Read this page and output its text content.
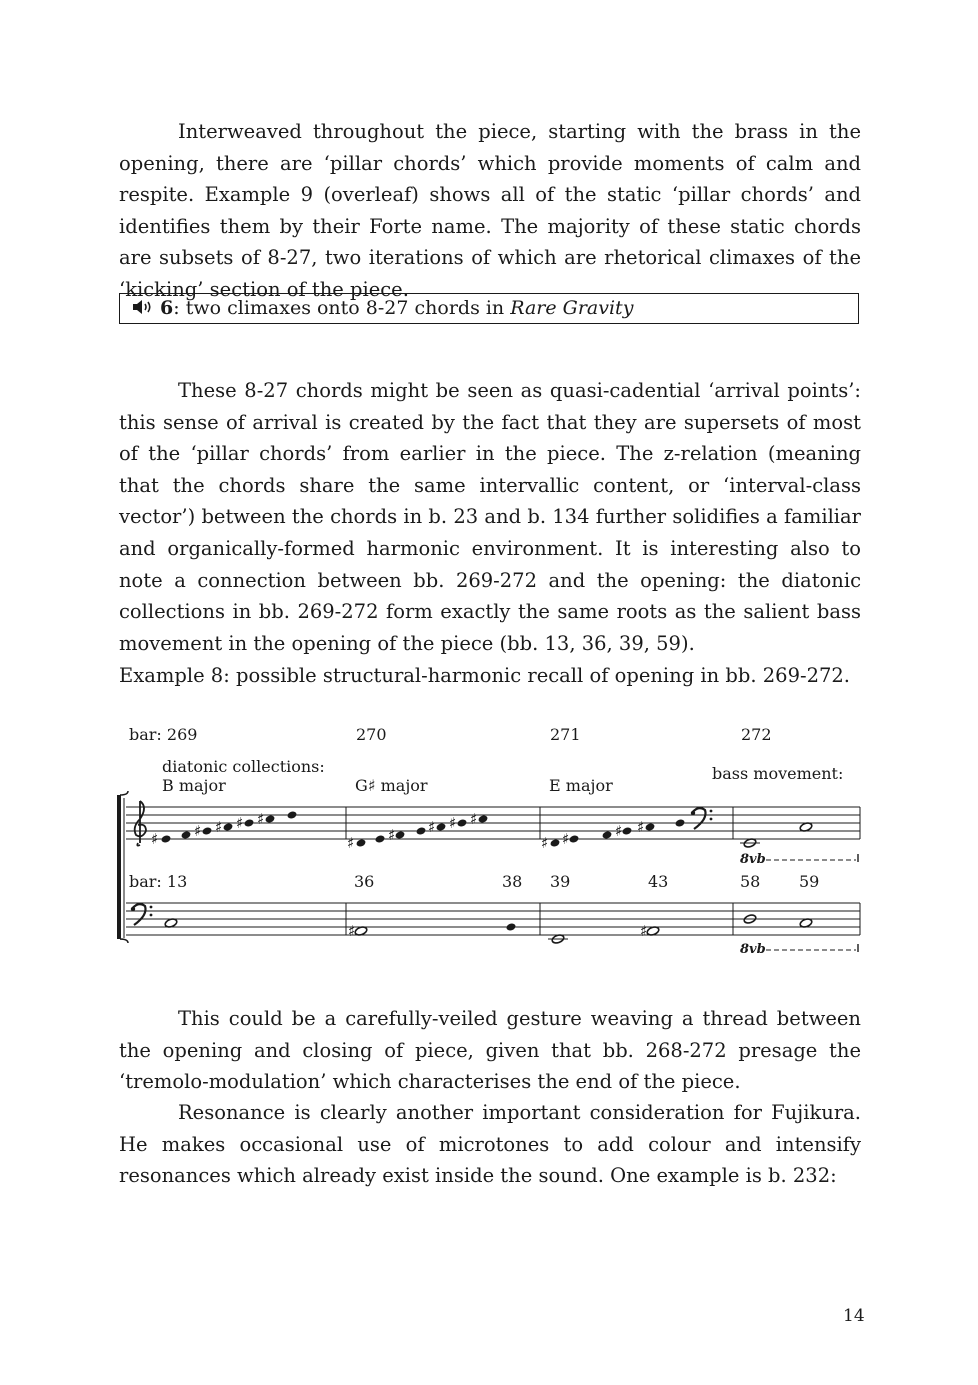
Interweaved throughout the piece, starting with the brass in the opening, there are ‘pillar chords’ which provide moments of calm and respite. Example 9 (overleaf) shows all of the static ‘pillar chords’ and identifies them by their Forte name. The majority of these static chords are subsets of 8-27, two iterations of which are rhetorical climaxes of the ‘kicking’ section of the piece.

6: two climaxes onto 8-27 chords in Rare Gravity

These 8-27 chords might be seen as quasi-cadential ‘arrival points’: this sense of arrival is created by the fact that they are supersets of most of the ‘pillar chords’ from earlier in the piece. The z-relation (meaning that the chords share the same intervallic content, or ‘interval-class vector’) between the chords in b. 23 and b. 134 further solidifies a familiar and organically-formed harmonic environment. It is interesting also to note a connection between bb. 269-272 and the opening: the diatonic collections in bb. 269-272 form exactly the same roots as the salient bass movement in the opening of the piece (bb. 13, 36, 39, 59).

Example 8: possible structural-harmonic recall of opening in bb. 269-272.

bar: 269	270	271	272
diatonic collections:
B major	G♯ major	E major
bass movement:
bar: 13	36	38 39	43	58 59
♯ ♯ ♯ ♯ ♯
♯ ♯ ♯ ♯ ♯
♯ ♯	♯ ♯
8vb
♯	♯
8vb

This could be a carefully-veiled gesture weaving a thread between the opening and closing of piece, given that bb. 268-272 presage the ‘tremolo-modulation’ which characterises the end of the piece.

Resonance is clearly another important consideration for Fujikura. He makes occasional use of microtones to add colour and intensify resonances which already exist inside the sound. One example is b. 232:

14
